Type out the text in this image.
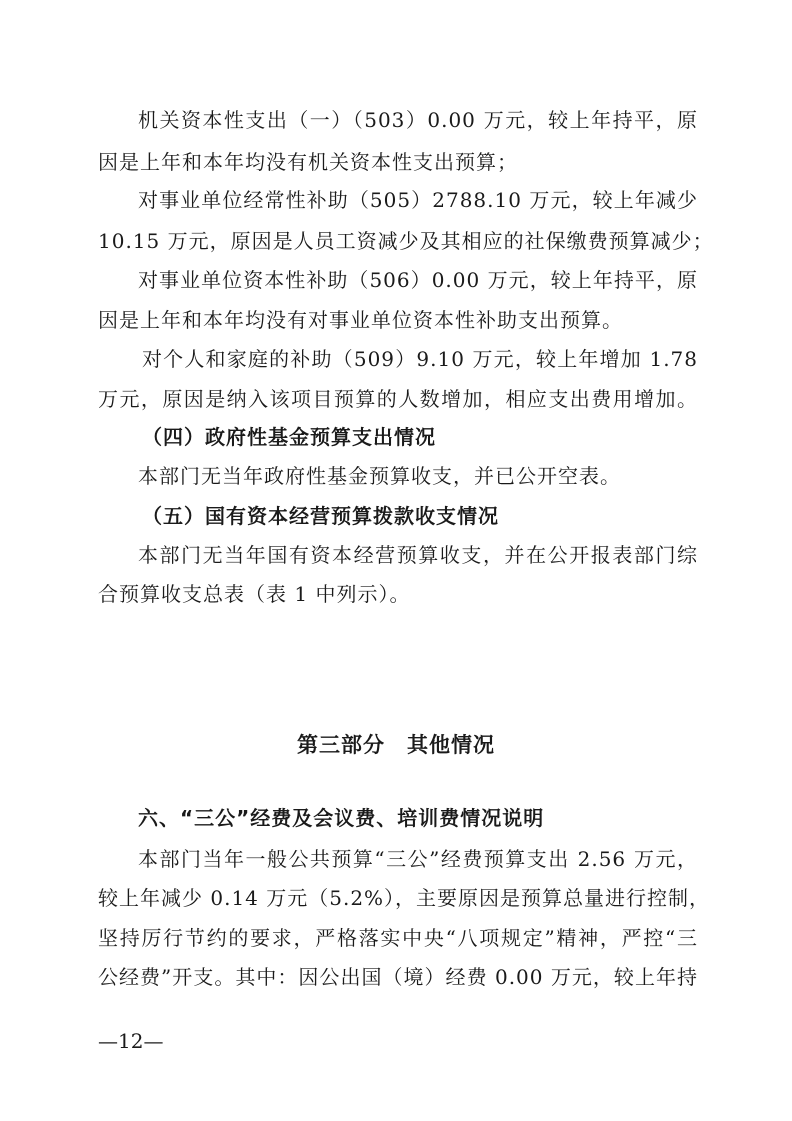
机关资本性支出（一）（503）0.00 万元，较上年持平，原
因是上年和本年均没有机关资本性支出预算；
对事业单位经常性补助（505）2788.10 万元，较上年减少
10.15 万元，原因是人员工资减少及其相应的社保缴费预算减少；
对事业单位资本性补助（506）0.00 万元，较上年持平，原
因是上年和本年均没有对事业单位资本性补助支出预算。
对个人和家庭的补助（509）9.10 万元，较上年增加 1.78
万元，原因是纳入该项目预算的人数增加，相应支出费用增加。
（四）政府性基金预算支出情况
本部门无当年政府性基金预算收支，并已公开空表。
（五）国有资本经营预算拨款收支情况
本部门无当年国有资本经营预算收支，并在公开报表部门综
合预算收支总表（表 1 中列示）。
第三部分　其他情况
六、“三公”经费及会议费、培训费情况说明
本部门当年一般公共预算“三公”经费预算支出 2.56 万元，
较上年减少 0.14 万元（5.2%），主要原因是预算总量进行控制，
坚持厉行节约的要求，严格落实中央“八项规定”精神，严控“三
公经费”开支。其中：因公出国（境）经费 0.00 万元，较上年持
—12—
